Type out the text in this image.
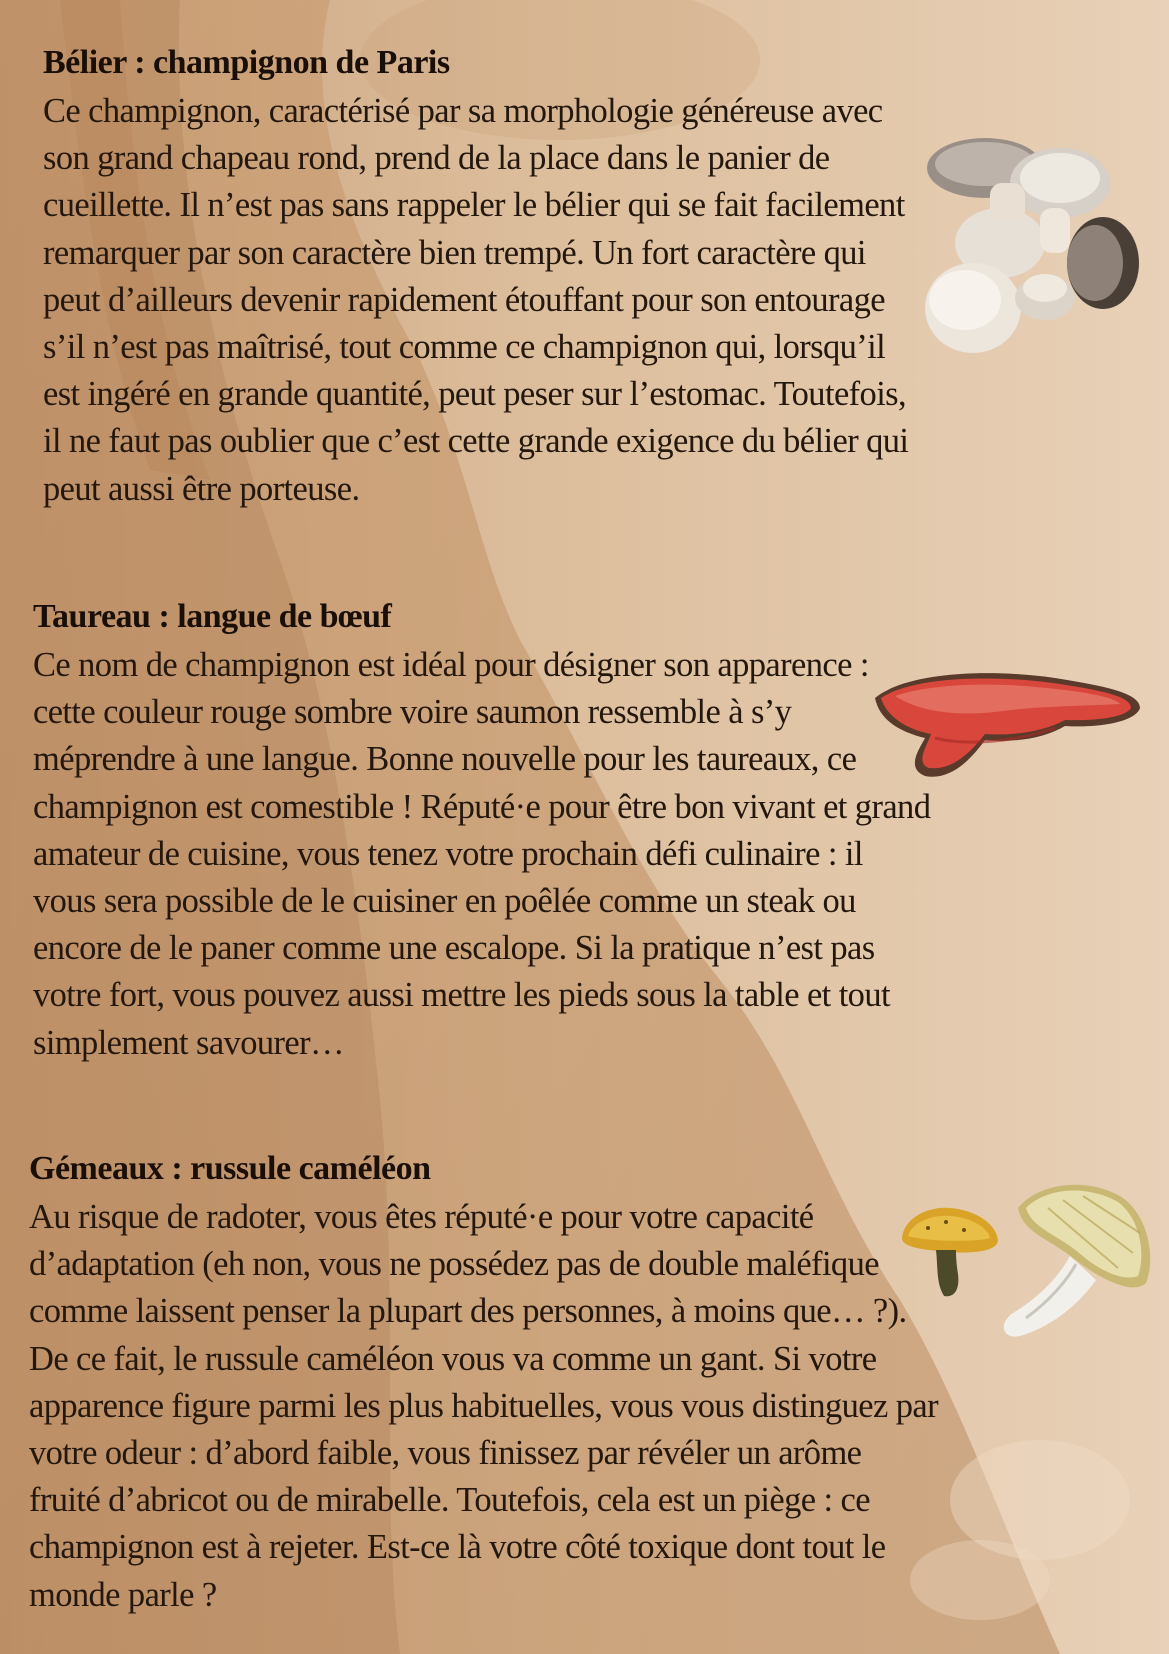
Bélier : champignon de Paris

Ce champignon, caractérisé par sa morphologie généreuse avec son grand chapeau rond, prend de la place dans le panier de cueillette. Il n’est pas sans rappeler le bélier qui se fait facilement remarquer par son caractère bien trempé. Un fort caractère qui peut d’ailleurs devenir rapidement étouffant pour son entourage s’il n’est pas maîtrisé, tout comme ce champignon qui, lorsqu’il est ingéré en grande quantité, peut peser sur l’estomac. Toutefois, il ne faut pas oublier que c’est cette grande exigence du bélier qui peut aussi être porteuse.

Taureau : langue de bœuf

Ce nom de champignon est idéal pour désigner son apparence : cette couleur rouge sombre voire saumon ressemble à s’y méprendre à une langue. Bonne nouvelle pour les taureaux, ce champignon est comestible ! Réputé·e pour être bon vivant et grand amateur de cuisine, vous tenez votre prochain défi culinaire : il vous sera possible de le cuisiner en poêlée comme un steak ou encore de le paner comme une escalope. Si la pratique n’est pas votre fort, vous pouvez aussi mettre les pieds sous la table et tout simplement savourer…

Gémeaux : russule caméléon

Au risque de radoter, vous êtes réputé·e pour votre capacité d’adaptation (eh non, vous ne possédez pas de double maléfique comme laissent penser la plupart des personnes, à moins que… ?). De ce fait, le russule caméléon vous va comme un gant. Si votre apparence figure parmi les plus habituelles, vous vous distinguez par votre odeur : d’abord faible, vous finissez par révéler un arôme fruité d’abricot ou de mirabelle. Toutefois, cela est un piège : ce champignon est à rejeter. Est-ce là votre côté toxique dont tout le monde parle ?
